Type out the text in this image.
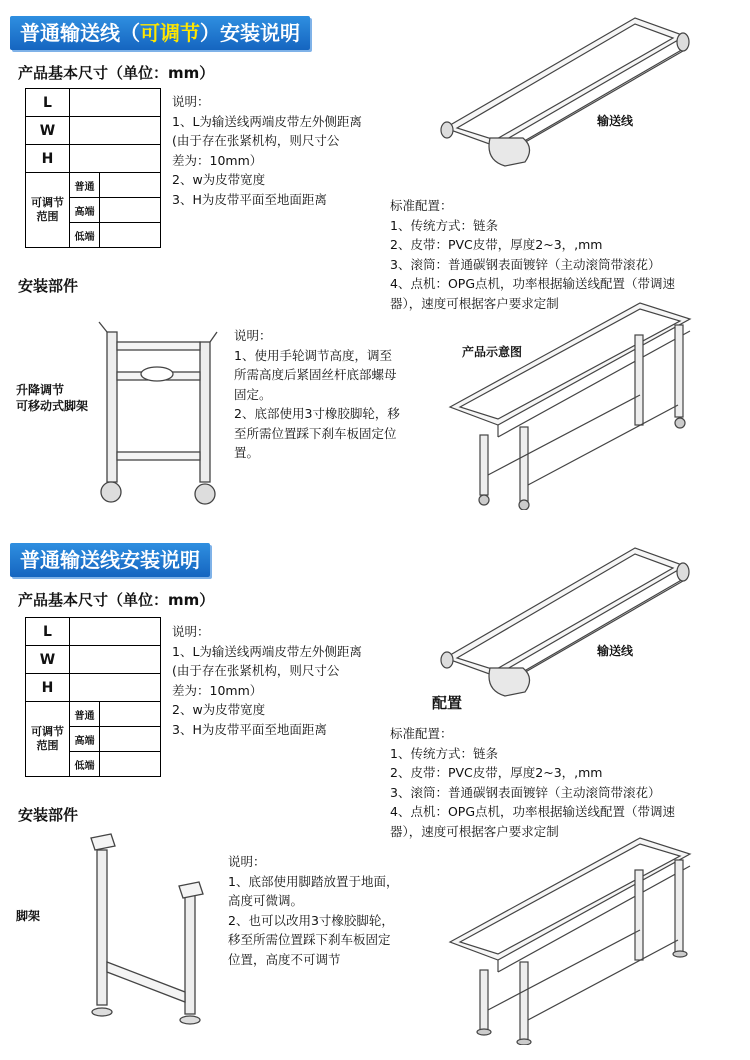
普通输送线（可调节）安装说明
产品基本尺寸（单位：mm）
L		
W		
H		
可调节
范围	普通	
	高端	
	低端	
说明：
1、L为输送线两端皮带左外侧距离
(由于存在张紧机构，则尺寸公
差为：10mm）
2、w为皮带宽度
3、H为皮带平面至地面距离
输送线
标准配置：
1、传统方式：链条
2、皮带：PVC皮带，厚度2~3，,mm
3、滚筒：普通碳钢表面镀锌（主动滚筒带滚花）
4、点机：OPG点机，功率根据输送线配置（带调速
器），速度可根据客户要求定制
安装部件
升降调节
可移动式脚架
说明：
1、使用手轮调节高度，调至
所需高度后紧固丝杆底部螺母
固定。
2、底部使用3寸橡胶脚轮，移
至所需位置踩下刹车板固定位
置。
产品示意图
普通输送线安装说明
产品基本尺寸（单位：mm）
L		
W		
H		
可调节
范围	普通	
	高端	
	低端	
说明：
1、L为输送线两端皮带左外侧距离
(由于存在张紧机构，则尺寸公
差为：10mm）
2、w为皮带宽度
3、H为皮带平面至地面距离
输送线
配置
标准配置：
1、传统方式：链条
2、皮带：PVC皮带，厚度2~3，,mm
3、滚筒：普通碳钢表面镀锌（主动滚筒带滚花）
4、点机：OPG点机，功率根据输送线配置（带调速
器），速度可根据客户要求定制
安装部件
脚架
说明：
1、底部使用脚踏放置于地面，
高度可微调。
2、也可以改用3寸橡胶脚轮，
移至所需位置踩下刹车板固定
位置，高度不可调节
